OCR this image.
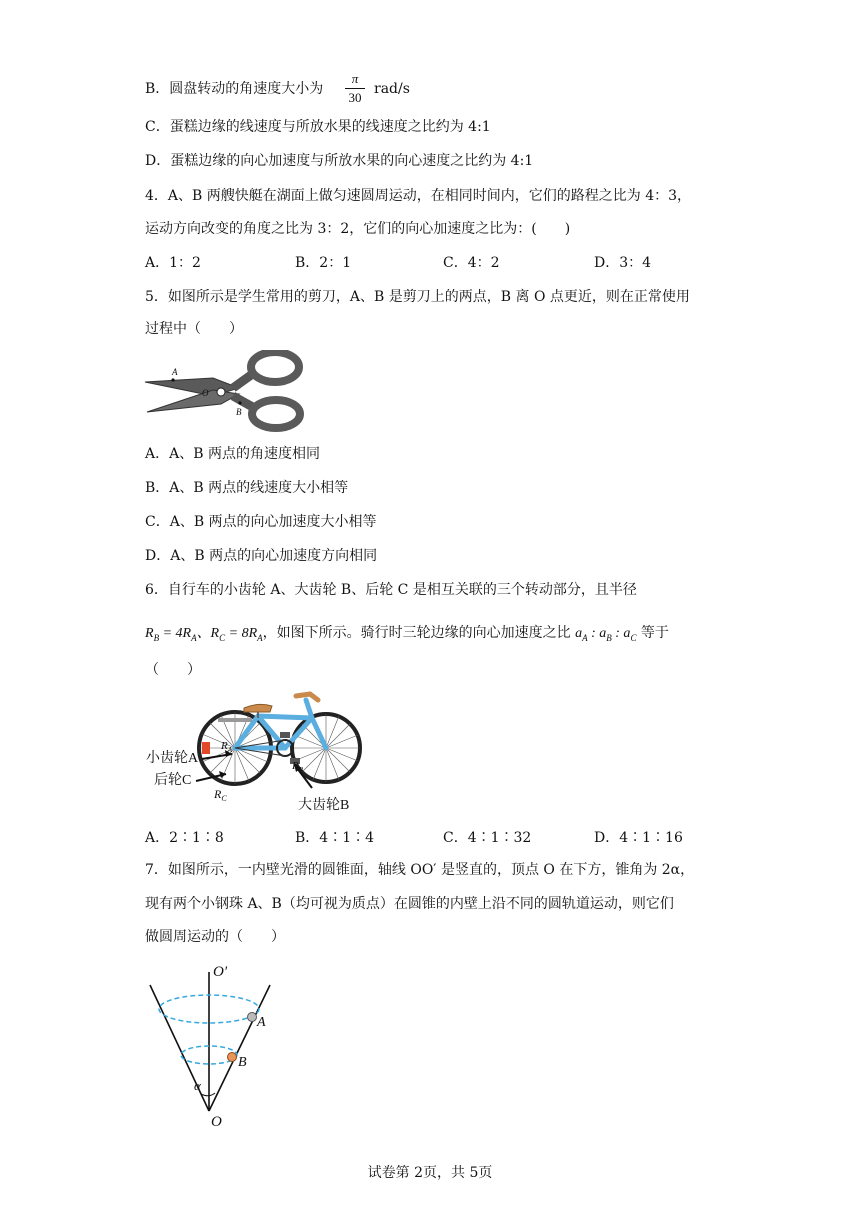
B．圆盘转动的角速度大小为
π
30
rad/s
C．蛋糕边缘的线速度与所放水果的线速度之比约为 4:1
D．蛋糕边缘的向心加速度与所放水果的向心速度之比约为 4:1
4．A、B 两艘快艇在湖面上做匀速圆周运动，在相同时间内，它们的路程之比为 4：3，
运动方向改变的角度之比为 3：2，它们的向心加速度之比为：(　　)
A．1：2	B．2：1	C．4：2	D．3：4
5．如图所示是学生常用的剪刀，A、B 是剪刀上的两点，B 离 O 点更近，则在正常使用
过程中（　　）
A
O
B
A．A、B 两点的角速度相同
B．A、B 两点的线速度大小相等
C．A、B 两点的向心加速度大小相等
D．A、B 两点的向心加速度方向相同
6．自行车的小齿轮 A、大齿轮 B、后轮 C 是相互关联的三个转动部分，且半径
$R_B = 4R_A$、$R_C = 8R_A$，如图下所示。骑行时三轮边缘的向心加速度之比 $a_A$ : $a_B$ : $a_C$ 等于
（　　）
小齿轮A
后轮C
$R_C$	大齿轮B
$R_A$
$R_B$
A．2∶1∶8	B．4∶1∶4	C．4∶1∶32	D．4∶1∶16
7．如图所示，一内壁光滑的圆锥面，轴线 OO′ 是竖直的，顶点 O 在下方，锥角为 2α，
现有两个小钢珠 A、B（均可视为质点）在圆锥的内壁上沿不同的圆轨道运动，则它们
做圆周运动的（　　）
O′
A
B
α
O
试卷第 2页，共 5页
